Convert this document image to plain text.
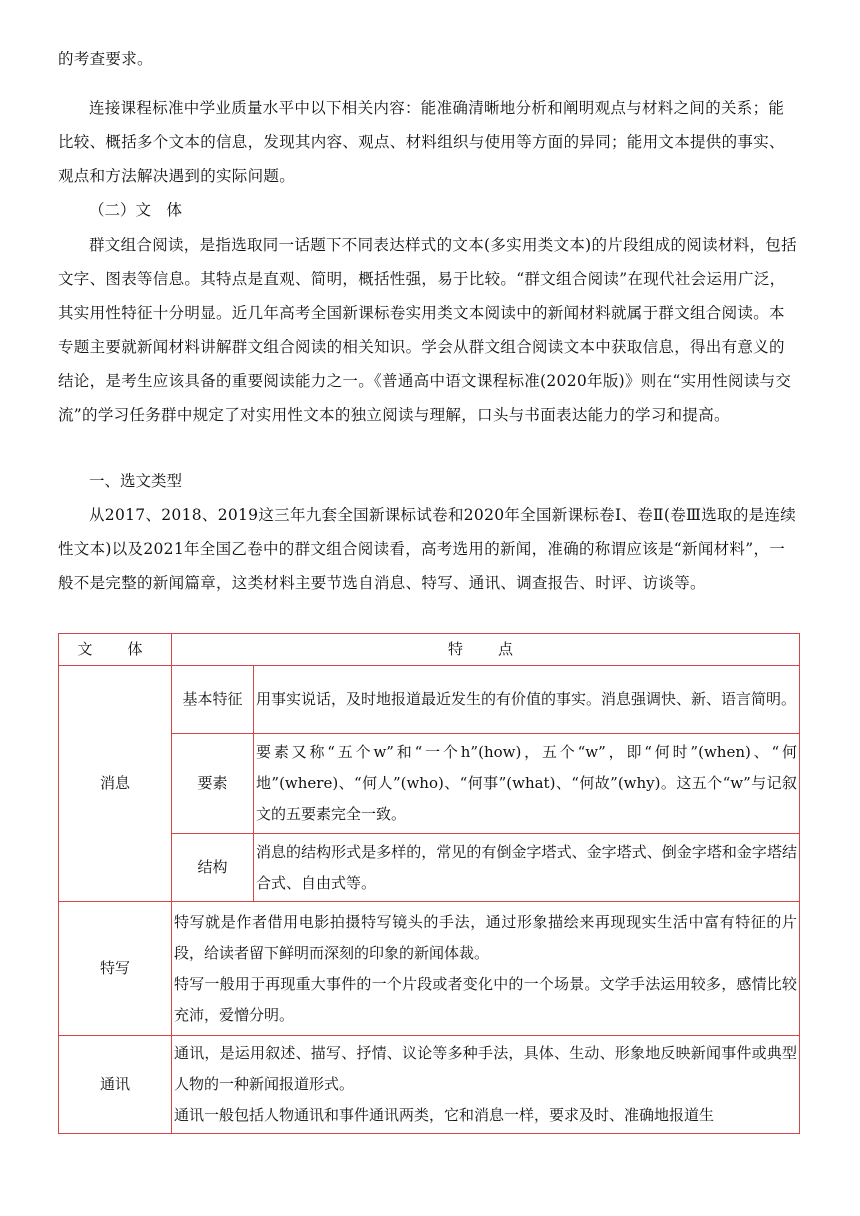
的考查要求。
连接课程标准中学业质量水平中以下相关内容：能准确清晰地分析和阐明观点与材料之间的关系；能比较、概括多个文本的信息，发现其内容、观点、材料组织与使用等方面的异同；能用文本提供的事实、观点和方法解决遇到的实际问题。
（二）文　体
群文组合阅读，是指选取同一话题下不同表达样式的文本(多实用类文本)的片段组成的阅读材料，包括文字、图表等信息。其特点是直观、简明，概括性强，易于比较。“群文组合阅读”在现代社会运用广泛，其实用性特征十分明显。近几年高考全国新课标卷实用类文本阅读中的新闻材料就属于群文组合阅读。本专题主要就新闻材料讲解群文组合阅读的相关知识。学会从群文组合阅读文本中获取信息，得出有意义的结论，是考生应该具备的重要阅读能力之一。《普通高中语文课程标准(2020年版)》则在“实用性阅读与交流”的学习任务群中规定了对实用性文本的独立阅读与理解，口头与书面表达能力的学习和提高。
一、选文类型
从2017、2018、2019这三年九套全国新课标试卷和2020年全国新课标卷Ⅰ、卷Ⅱ(卷Ⅲ选取的是连续性文本)以及2021年全国乙卷中的群文组合阅读看，高考选用的新闻，准确的称谓应该是“新闻材料”，一般不是完整的新闻篇章，这类材料主要节选自消息、特写、通讯、调查报告、时评、访谈等。
文　体	特　点	
消息	基本特征	用事实说话，及时地报道最近发生的有价值的事实。消息强调快、新、语言简明。
	要素	要素又称“五个w”和“一个h”(how)，五个“w”，即“何时”(when)、“何地”(where)、“何人”(who)、“何事”(what)、“何故”(why)。这五个“w”与记叙文的五要素完全一致。
	结构	消息的结构形式是多样的，常见的有倒金字塔式、金字塔式、倒金字塔和金字塔结合式、自由式等。
特写	特写就是作者借用电影拍摄特写镜头的手法，通过形象描绘来再现现实生活中富有特征的片段，给读者留下鲜明而深刻的印象的新闻体裁。
特写一般用于再现重大事件的一个片段或者变化中的一个场景。文学手法运用较多，感情比较充沛，爱憎分明。	

通讯	通讯，是运用叙述、描写、抒情、议论等多种手法，具体、生动、形象地反映新闻事件或典型人物的一种新闻报道形式。
通讯一般包括人物通讯和事件通讯两类，它和消息一样，要求及时、准确地报道生	
